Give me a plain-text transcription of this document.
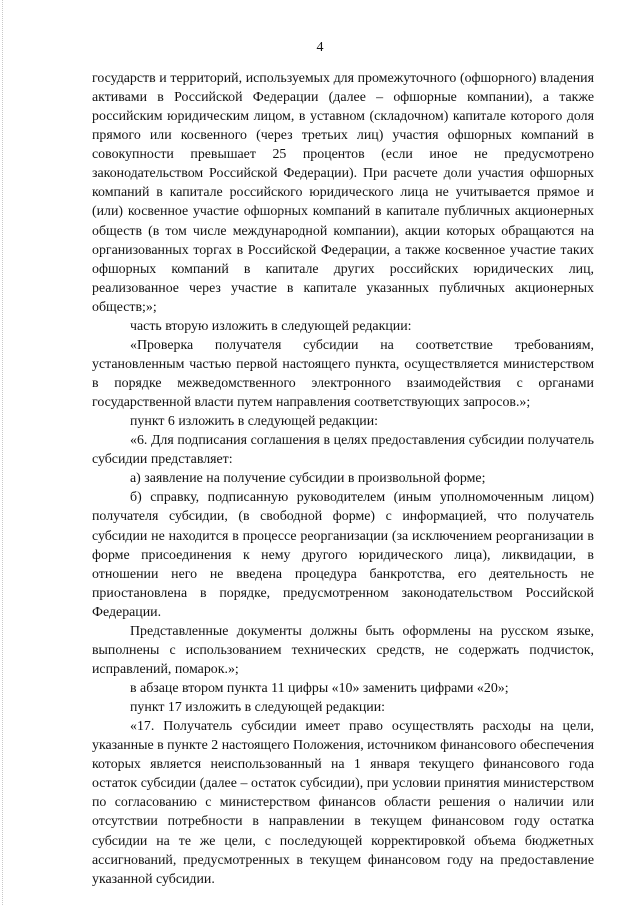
4

государств и территорий, используемых для промежуточного (офшорного) владения активами в Российской Федерации (далее – офшорные компании), а также российским юридическим лицом, в уставном (складочном) капитале которого доля прямого или косвенного (через третьих лиц) участия офшорных компаний в совокупности превышает 25 процентов (если иное не предусмотрено законодательством Российской Федерации). При расчете доли участия офшорных компаний в капитале российского юридического лица не учитывается прямое и (или) косвенное участие офшорных компаний в капитале публичных акционерных обществ (в том числе международной компании), акции которых обращаются на организованных торгах в Российской Федерации, а также косвенное участие таких офшорных компаний в капитале других российских юридических лиц, реализованное через участие в капитале указанных публичных акционерных обществ;»;

часть вторую изложить в следующей редакции:

«Проверка получателя субсидии на соответствие требованиям, установленным частью первой настоящего пункта, осуществляется министерством в порядке межведомственного электронного взаимодействия с органами государственной власти путем направления соответствующих запросов.»;

пункт 6 изложить в следующей редакции:

«6. Для подписания соглашения в целях предоставления субсидии получатель субсидии представляет:

а) заявление на получение субсидии в произвольной форме;

б) справку, подписанную руководителем (иным уполномоченным лицом) получателя субсидии, (в свободной форме) с информацией, что получатель субсидии не находится в процессе реорганизации (за исключением реорганизации в форме присоединения к нему другого юридического лица), ликвидации, в отношении него не введена процедура банкротства, его деятельность не приостановлена в порядке, предусмотренном законодательством Российской Федерации.

Представленные документы должны быть оформлены на русском языке, выполнены с использованием технических средств, не содержать подчисток, исправлений, помарок.»;

в абзаце втором пункта 11 цифры «10» заменить цифрами «20»;

пункт 17 изложить в следующей редакции:

«17. Получатель субсидии имеет право осуществлять расходы на цели, указанные в пункте 2 настоящего Положения, источником финансового обеспечения которых является неиспользованный на 1 января текущего финансового года остаток субсидии (далее – остаток субсидии), при условии принятия министерством по согласованию с министерством финансов области решения о наличии или отсутствии потребности в направлении в текущем финансовом году остатка субсидии на те же цели, с последующей корректировкой объема бюджетных ассигнований, предусмотренных в текущем финансовом году на предоставление указанной субсидии.
